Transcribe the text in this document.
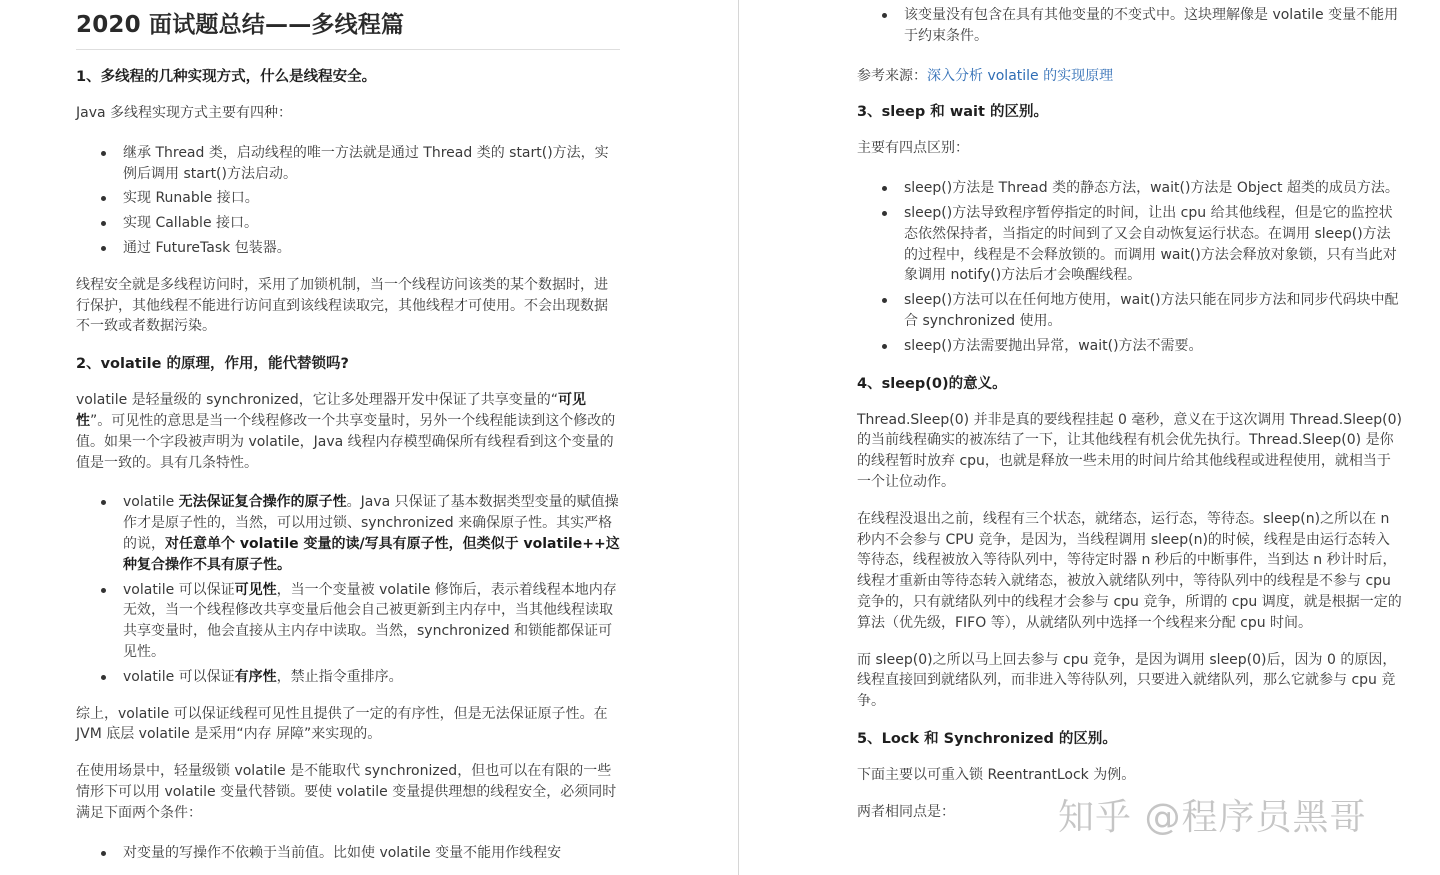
2020 面试题总结——多线程篇
1、多线程的几种实现方式，什么是线程安全。

Java 多线程实现方式主要有四种：

继承 Thread 类，启动线程的唯一方法就是通过 Thread 类的 start()方法，实例后调用 start()方法启动。
实现 Runable 接口。
实现 Callable 接口。
通过 FutureTask 包装器。

线程安全就是多线程访问时，采用了加锁机制，当一个线程访问该类的某个数据时，进行保护，其他线程不能进行访问直到该线程读取完，其他线程才可使用。不会出现数据不一致或者数据污染。

2、volatile 的原理，作用，能代替锁吗?

volatile 是轻量级的 synchronized，它让多处理器开发中保证了共享变量的“可见性”。可见性的意思是当一个线程修改一个共享变量时，另外一个线程能读到这个修改的值。如果一个字段被声明为 volatile，Java 线程内存模型确保所有线程看到这个变量的值是一致的。具有几条特性。

volatile 无法保证复合操作的原子性。Java 只保证了基本数据类型变量的赋值操作才是原子性的，当然，可以用过锁、synchronized 来确保原子性。其实严格的说，对任意单个 volatile 变量的读/写具有原子性，但类似于 volatile++这种复合操作不具有原子性。
volatile 可以保证可见性，当一个变量被 volatile 修饰后，表示着线程本地内存无效，当一个线程修改共享变量后他会自己被更新到主内存中，当其他线程读取共享变量时，他会直接从主内存中读取。当然，synchronized 和锁能都保证可见性。
volatile 可以保证有序性，禁止指令重排序。

综上，volatile 可以保证线程可见性且提供了一定的有序性，但是无法保证原子性。在 JVM 底层 volatile 是采用“内存 屏障”来实现的。

在使用场景中，轻量级锁 volatile 是不能取代 synchronized，但也可以在有限的一些情形下可以用 volatile 变量代替锁。要使 volatile 变量提供理想的线程安全，必须同时满足下面两个条件：

对变量的写操作不依赖于当前值。比如使 volatile 变量不能用作线程安
该变量没有包含在具有其他变量的不变式中。这块理解像是 volatile 变量不能用于约束条件。

参考来源：深入分析 volatile 的实现原理

3、sleep 和 wait 的区别。

主要有四点区别：

sleep()方法是 Thread 类的静态方法，wait()方法是 Object 超类的成员方法。
sleep()方法导致程序暂停指定的时间，让出 cpu 给其他线程，但是它的监控状态依然保持者，当指定的时间到了又会自动恢复运行状态。在调用 sleep()方法的过程中，线程是不会释放锁的。而调用 wait()方法会释放对象锁，只有当此对象调用 notify()方法后才会唤醒线程。
sleep()方法可以在任何地方使用，wait()方法只能在同步方法和同步代码块中配合 synchronized 使用。
sleep()方法需要抛出异常，wait()方法不需要。
4、sleep(0)的意义。

Thread.Sleep(0) 并非是真的要线程挂起 0 毫秒，意义在于这次调用 Thread.Sleep(0)的当前线程确实的被冻结了一下，让其他线程有机会优先执行。Thread.Sleep(0) 是你的线程暂时放弃 cpu，也就是释放一些未用的时间片给其他线程或进程使用，就相当于一个让位动作。

在线程没退出之前，线程有三个状态，就绪态，运行态，等待态。sleep(n)之所以在 n 秒内不会参与 CPU 竞争，是因为，当线程调用 sleep(n)的时候，线程是由运行态转入等待态，线程被放入等待队列中，等待定时器 n 秒后的中断事件，当到达 n 秒计时后，线程才重新由等待态转入就绪态，被放入就绪队列中，等待队列中的线程是不参与 cpu 竞争的，只有就绪队列中的线程才会参与 cpu 竞争，所谓的 cpu 调度，就是根据一定的算法（优先级，FIFO 等），从就绪队列中选择一个线程来分配 cpu 时间。

而 sleep(0)之所以马上回去参与 cpu 竞争，是因为调用 sleep(0)后，因为 0 的原因，线程直接回到就绪队列，而非进入等待队列，只要进入就绪队列，那么它就参与 cpu 竞争。

5、Lock 和 Synchronized 的区别。

下面主要以可重入锁 ReentrantLock 为例。

两者相同点是：	知乎 @程序员黑哥
